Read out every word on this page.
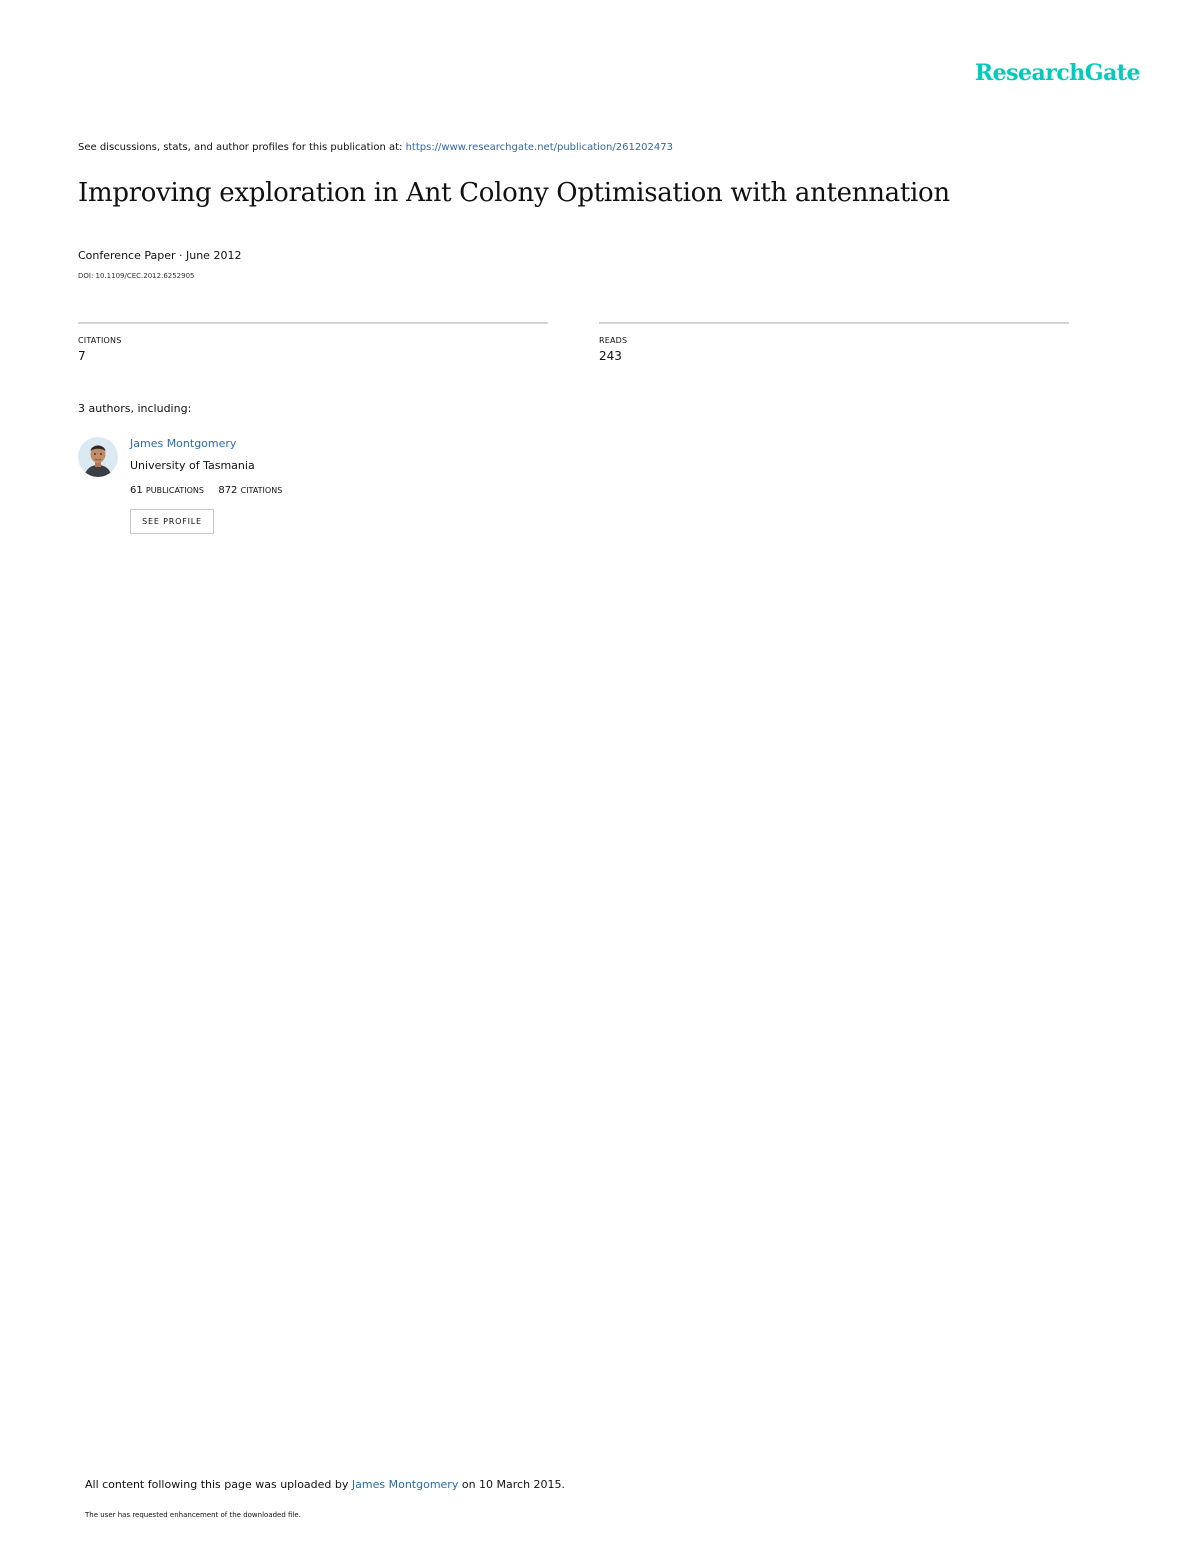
ResearchGate
See discussions, stats, and author profiles for this publication at: https://www.researchgate.net/publication/261202473
Improving exploration in Ant Colony Optimisation with antennation
Conference Paper · June 2012
DOI: 10.1109/CEC.2012.6252905
CITATIONS
7
READS
243
3 authors, including:
James Montgomery
University of Tasmania
61 PUBLICATIONS 872 CITATIONS
SEE PROFILE
All content following this page was uploaded by James Montgomery on 10 March 2015.
The user has requested enhancement of the downloaded file.
